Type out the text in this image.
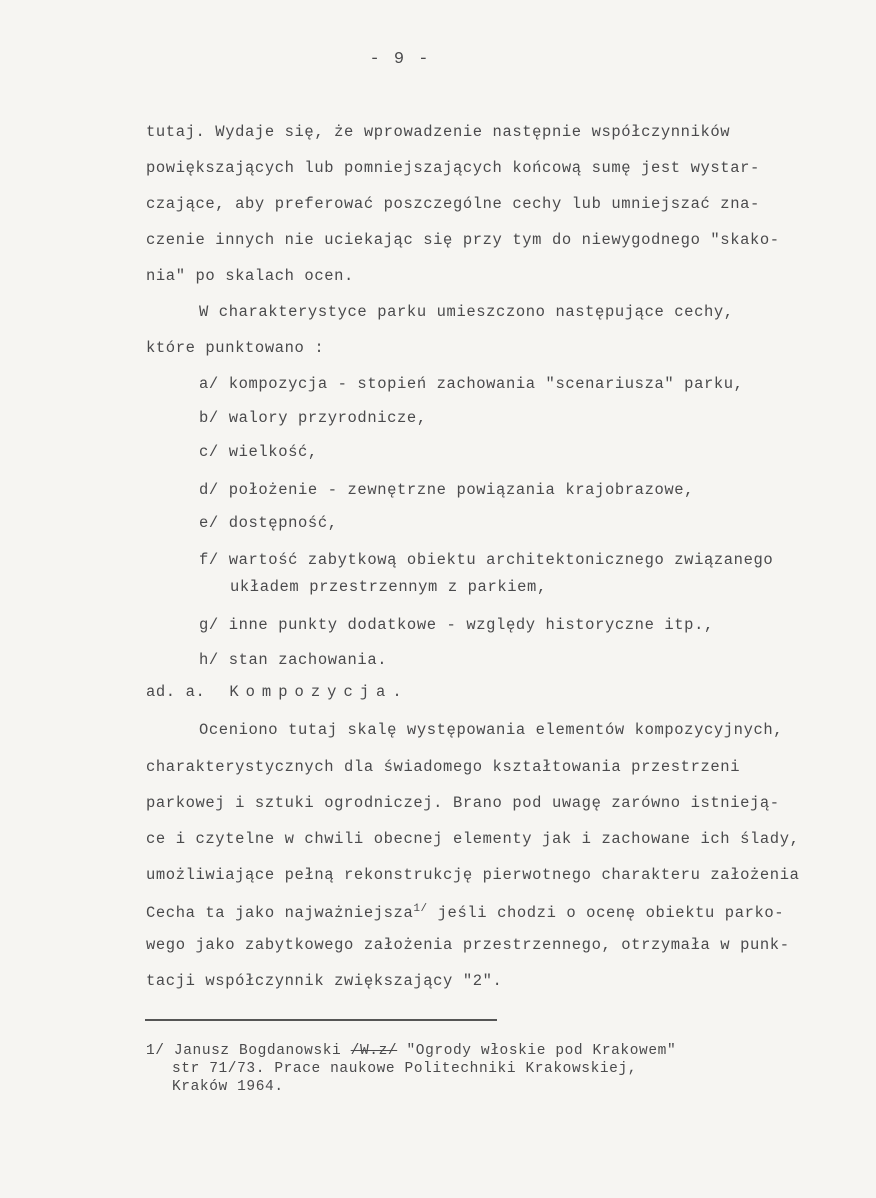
- 9 -
tutaj. Wydaje się, że wprowadzenie następnie współczynników
powiększających lub pomniejszających końcową sumę jest wystar-
czające, aby preferować poszczególne cechy lub umniejszać zna-
czenie innych nie uciekając się przy tym do niewygodnego "skako-
nia" po skalach ocen.
W charakterystyce parku umieszczono następujące cechy,
które punktowano :
a/ kompozycja - stopień zachowania "scenariusza" parku,
b/ walory przyrodnicze,
c/ wielkość,
d/ położenie - zewnętrzne powiązania krajobrazowe,
e/ dostępność,
f/ wartość zabytkową obiektu architektonicznego związanego
układem przestrzennym z parkiem,
g/ inne punkty dodatkowe - względy historyczne itp.,
h/ stan zachowania.
ad. a. Kompozycja.
Oceniono tutaj skalę występowania elementów kompozycyjnych,
charakterystycznych dla świadomego kształtowania przestrzeni
parkowej i sztuki ogrodniczej. Brano pod uwagę zarówno istnieją-
ce i czytelne w chwili obecnej elementy jak i zachowane ich ślady,
umożliwiające pełną rekonstrukcję pierwotnego charakteru założenia
Cecha ta jako najważniejsza$^{1/}$ jeśli chodzi o ocenę obiektu parko-
wego jako zabytkowego założenia przestrzennego, otrzymała w punk-
tacji współczynnik zwiększający "2".
1/ Janusz Bogdanowski /W.z/ "Ogrody włoskie pod Krakowem"
str 71/73. Prace naukowe Politechniki Krakowskiej,
Kraków 1964.
